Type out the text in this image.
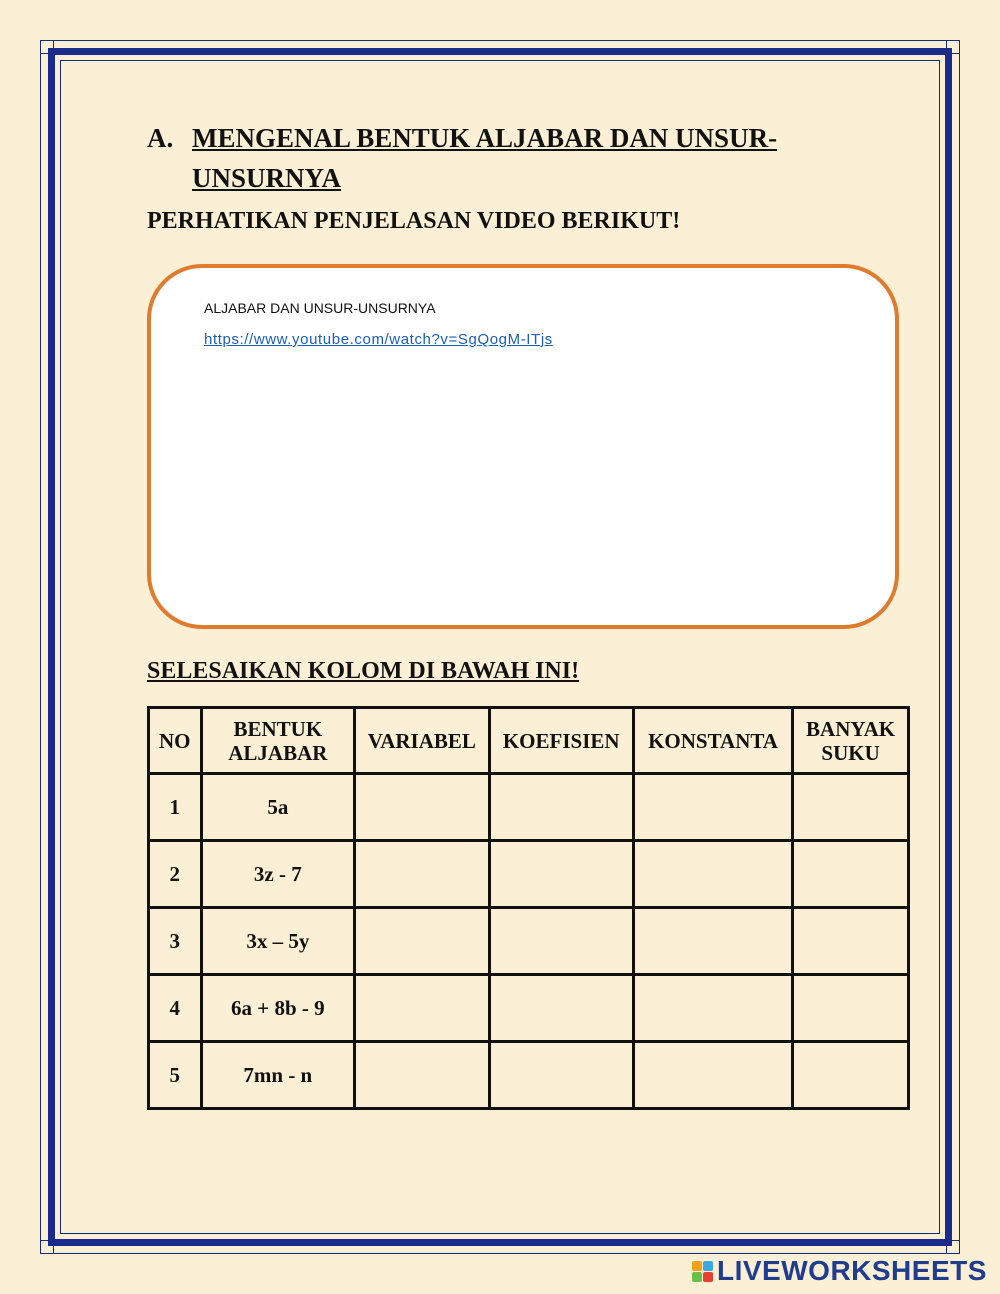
A. MENGENAL BENTUK ALJABAR DAN UNSUR-UNSURNYA
PERHATIKAN PENJELASAN VIDEO BERIKUT!
ALJABAR DAN UNSUR-UNSURNYA
https://www.youtube.com/watch?v=SgQogM-ITjs
SELESAIKAN KOLOM DI BAWAH INI!
NO	BENTUK ALJABAR	VARIABEL	KOEFISIEN	KONSTANTA	BANYAK SUKU
1	5a				
2	3z - 7				
3	3x – 5y				
4	6a + 8b - 9				
5	7mn - n				
LIVEWORKSHEETS
